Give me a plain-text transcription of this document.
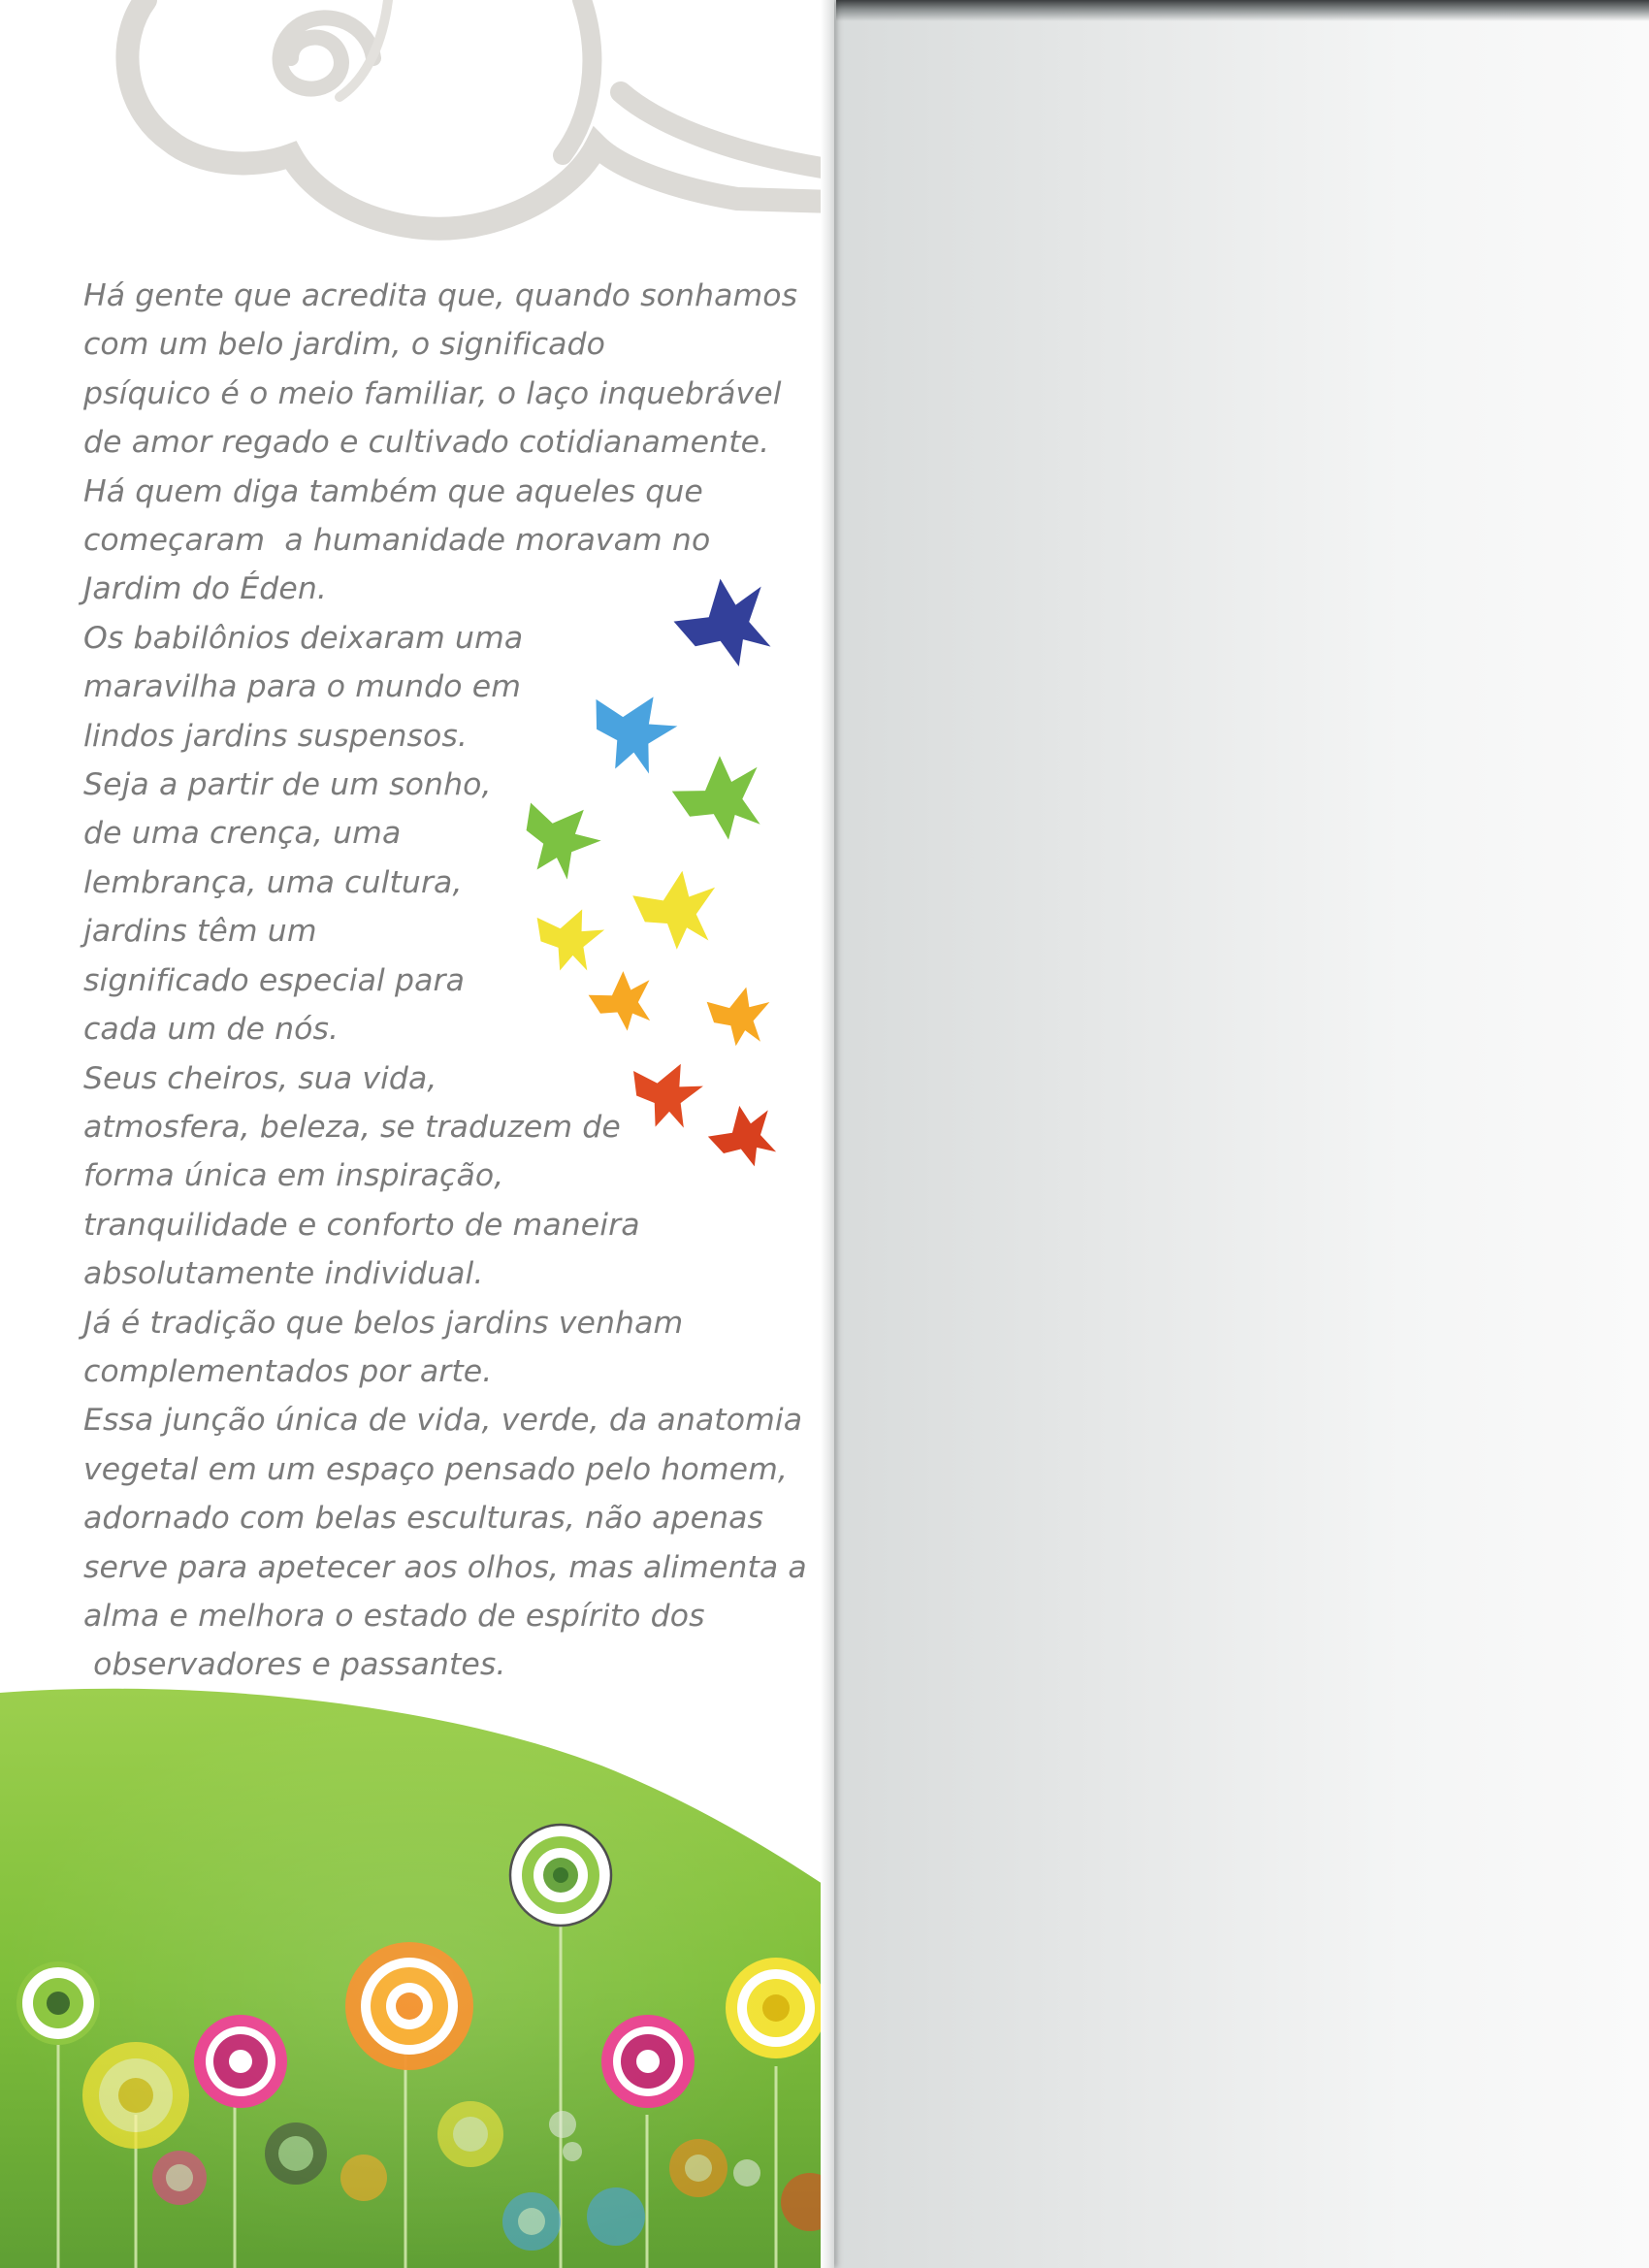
Há gente que acredita que, quando sonhamos
com um belo jardim, o significado
psíquico é o meio familiar, o laço inquebrável
de amor regado e cultivado cotidianamente.
Há quem diga também que aqueles que
começaram  a humanidade moravam no
Jardim do Éden.
Os babilônios deixaram uma
maravilha para o mundo em
lindos jardins suspensos.
Seja a partir de um sonho,
de uma crença, uma
lembrança, uma cultura,
jardins têm um
significado especial para
cada um de nós.
Seus cheiros, sua vida,
atmosfera, beleza, se traduzem de
forma única em inspiração,
tranquilidade e conforto de maneira
absolutamente individual.
Já é tradição que belos jardins venham
complementados por arte.
Essa junção única de vida, verde, da anatomia
vegetal em um espaço pensado pelo homem,
adornado com belas esculturas, não apenas
serve para apetecer aos olhos, mas alimenta a
alma e melhora o estado de espírito dos
observadores e passantes.
